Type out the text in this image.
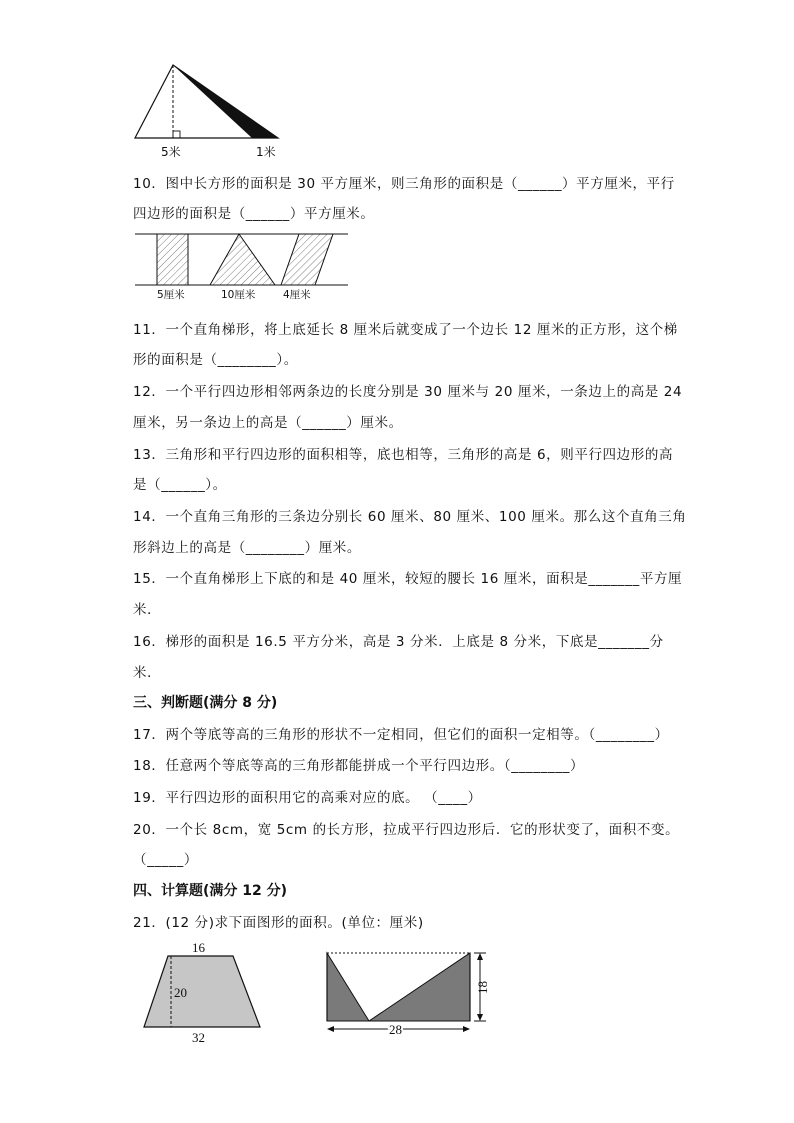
5米	1米
10．图中长方形的面积是 30 平方厘米，则三角形的面积是（______）平方厘米，平行
四边形的面积是（______）平方厘米。
5厘米	10厘米	4厘米
11．一个直角梯形，将上底延长 8 厘米后就变成了一个边长 12 厘米的正方形，这个梯
形的面积是（________）。
12．一个平行四边形相邻两条边的长度分别是 30 厘米与 20 厘米，一条边上的高是 24
厘米，另一条边上的高是（______）厘米。
13．三角形和平行四边形的面积相等，底也相等，三角形的高是 6，则平行四边形的高
是（______）。
14．一个直角三角形的三条边分别长 60 厘米、80 厘米、100 厘米。那么这个直角三角
形斜边上的高是（________）厘米。
15．一个直角梯形上下底的和是 40 厘米，较短的腰长 16 厘米，面积是_______平方厘
米．
16．梯形的面积是 16.5 平方分米，高是 3 分米．上底是 8 分米，下底是_______分
米．
三、判断题(满分 8 分)
17．两个等底等高的三角形的形状不一定相同，但它们的面积一定相等。（________）
18．任意两个等底等高的三角形都能拼成一个平行四边形。（________）
19．平行四边形的面积用它的高乘对应的底。 （____）
20．一个长 8cm，宽 5cm 的长方形，拉成平行四边形后．它的形状变了，面积不变。
（_____）
四、计算题(满分 12 分)
21．(12 分)求下面图形的面积。(单位：厘米)
16
20
32
18
28
